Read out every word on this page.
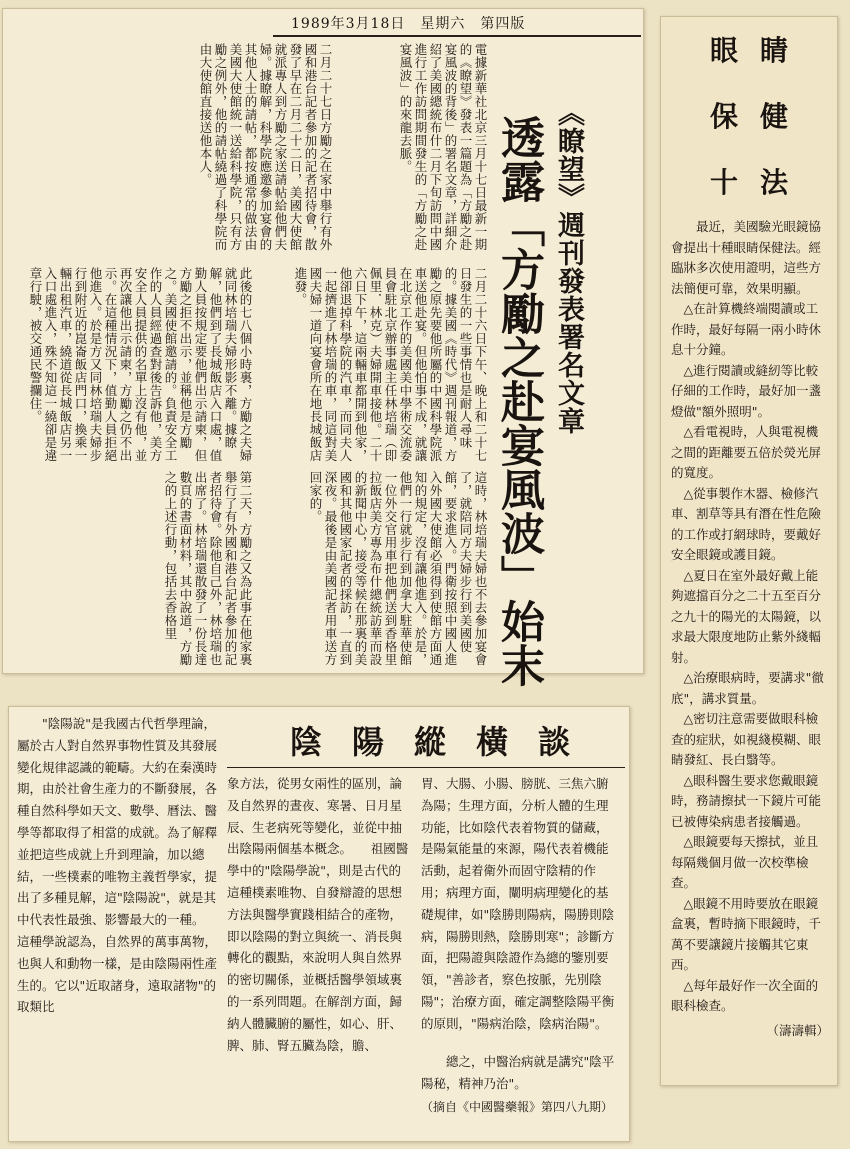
1989年3月18日　星期六　第四版
《瞭望》週刊發表署名文章
透露「方勵之赴宴風波」始末
電據新華社北京三月十七日最新一期的《瞭望》發表一篇題為「方勵之赴宴風波的背後」的署名文章，詳細介紹了美國總統布什二月下旬訪問中國進行工作訪問期間發生的「方勵之赴宴風波」的來龍去脈。
二月二十七日方勵之在家中舉行有外國和港台記者參加的記者招待會，散發了早在二月二十二日，美國大使館就派專人到方勵之家送請帖給他們夫婦。據瞭解，科學院應邀參加宴會的其他人士的請帖，都按通常的做法由美國大使館統一送給科學院，只有方勵之例外，他的請帖繞過了科學院而由大使館直接送他本人。
二月二十六日下午、晚上和二十七日發生的一些事情也是耐人尋味的。據美國《時代》週刊報道，方勵之原先要他所屬的中國科學院派車送他赴宴。但他怕事不成，就讓在北京工作的美國美中學術交流委員會駐北京辦事處主任林培瑞（即佩里．林克）夫婦開車接他。二十六日下午，這兩輛車都開到他家，他卻退掉科學院的汽車，而同夫人一起擠進了林培瑞的車，同這對美國夫婦一道向宴會所在地長城飯店進發。
此後的七八個小時裏，方勵之夫婦就同林培瑞夫婦形影不離。據瞭解，他們到了長城飯店入口處，值勤人員按規定要他們出示請柬，但方勵之拒不出示，並稱他是方勵之。美國使館邀請的。負責安全工作的人員經過查對後告訴他，美方安全人員提供的名單上沒有他，並再次讓他出示請柬，方勵之仍不出示。在這種情況下，值勤人員拒絕他進入。於是方又同林培瑞夫婦步行到附近的崑崙飯店門口，換乘一輛出租汽車，繞道從長城飯店另一入口處進入，殊不知這一繞卻是違章行駛，被交通民警攔住。
這時，林培瑞夫婦也不去參加宴會了，就陪同方夫婦步行到美國使館，要求進入。門衛按照中國人進入外國大使館必須得到使館方面通知的規定，沒有讓他進入。於是，他們一行就步行到加拿大駐華使館一位外交官用車把他們送到香格里拉飯店美方專為布什總統訪華而設的新聞中心，接受等候在那裏的美國和其他國家記者的採訪，一直到深夜。最後是由美國記者用車送方回家的。
第二天，方勵之又為此事在他家裏舉行了有外國和港台記者參加的記者招待會。除他自己外，林培瑞也出席了。林培瑞還散發了一份長達數頁的書面材料，其中說道，方勵之的上述行動，包括去香格里
眼睛
保健
十法
最近，美國驗光眼鏡協會提出十種眼睛保健法。經臨牀多次使用證明，這些方法簡便可靠，效果明顯。
△在計算機終端閱讀或工作時，最好每隔一兩小時休息十分鐘。
△進行閱讀或縫紉等比較仔細的工作時，最好加一盞燈做"額外照明"。
△看電視時，人與電視機之間的距離要五倍於熒光屏的寬度。
△從事製作木器、檢修汽車、割草等具有潛在性危險的工作或打網球時，要戴好安全眼鏡或護目鏡。
△夏日在室外最好戴上能夠遮擋百分之二十五至百分之九十的陽光的太陽鏡，以求最大限度地防止紫外綫輻射。
△治療眼病時，要講求"徹底"，講求質量。
△密切注意需要做眼科檢查的症狀，如視綫模糊、眼睛發紅、長白翳等。
△眼科醫生要求您戴眼鏡時，務請擦拭一下鏡片可能已被傳染病患者接觸過。
△眼鏡要每天擦拭，並且每隔幾個月做一次校準檢查。
△眼鏡不用時要放在眼鏡盒裏，暫時摘下眼鏡時，千萬不要讓鏡片接觸其它東西。
△每年最好作一次全面的眼科檢查。
（濤濤輯）
"陰陽說"是我國古代哲學理論，屬於古人對自然界事物性質及其發展變化規律認識的範疇。大約在秦漢時期，由於社會生產力的不斷發展，各種自然科學如天文、數學、曆法、醫學等都取得了相當的成就。為了解釋並把這些成就上升到理論，加以總結，一些樸素的唯物主義哲學家，提出了多種見解，這"陰陽說"，就是其中代表性最強、影響最大的一種。　　這種學說認為，自然界的萬事萬物，也與人和動物一樣，是由陰陽兩性產生的。它以"近取諸身，遠取諸物"的取類比
陰陽縱橫談
象方法，從男女兩性的區別，論及自然界的晝夜、寒暑、日月星辰、生老病死等變化，並從中抽出陰陽兩個基本概念。　　祖國醫學中的"陰陽學說"，則是古代的這種樸素唯物、自發辯證的思想方法與醫學實踐相結合的產物，即以陰陽的對立與統一、消長與轉化的觀點，來說明人與自然界的密切關係，並概括醫學領域裏的一系列問題。在解剖方面，歸納人體臟腑的屬性，如心、肝、脾、肺、腎五臟為陰，膽、
胃、大腸、小腸、膀胱、三焦六腑為陽；生理方面，分析人體的生理功能，比如陰代表着物質的儲藏，是陽氣能量的來源，陽代表着機能活動，起着衛外而固守陰精的作用；病理方面，闡明病理變化的基礎規律，如"陰勝則陽病，陽勝則陰病，陽勝則熱，陰勝則寒"；診斷方面，把陽證與陰證作為總的鑒別要領，"善診者，察色按脈，先別陰陽"；治療方面，確定調整陰陽平衡的原則，"陽病治陰，陰病治陽"。
總之，中醫治病就是講究"陰平陽秘，精神乃治"。
（摘自《中國醫藥報》第四八九期）
